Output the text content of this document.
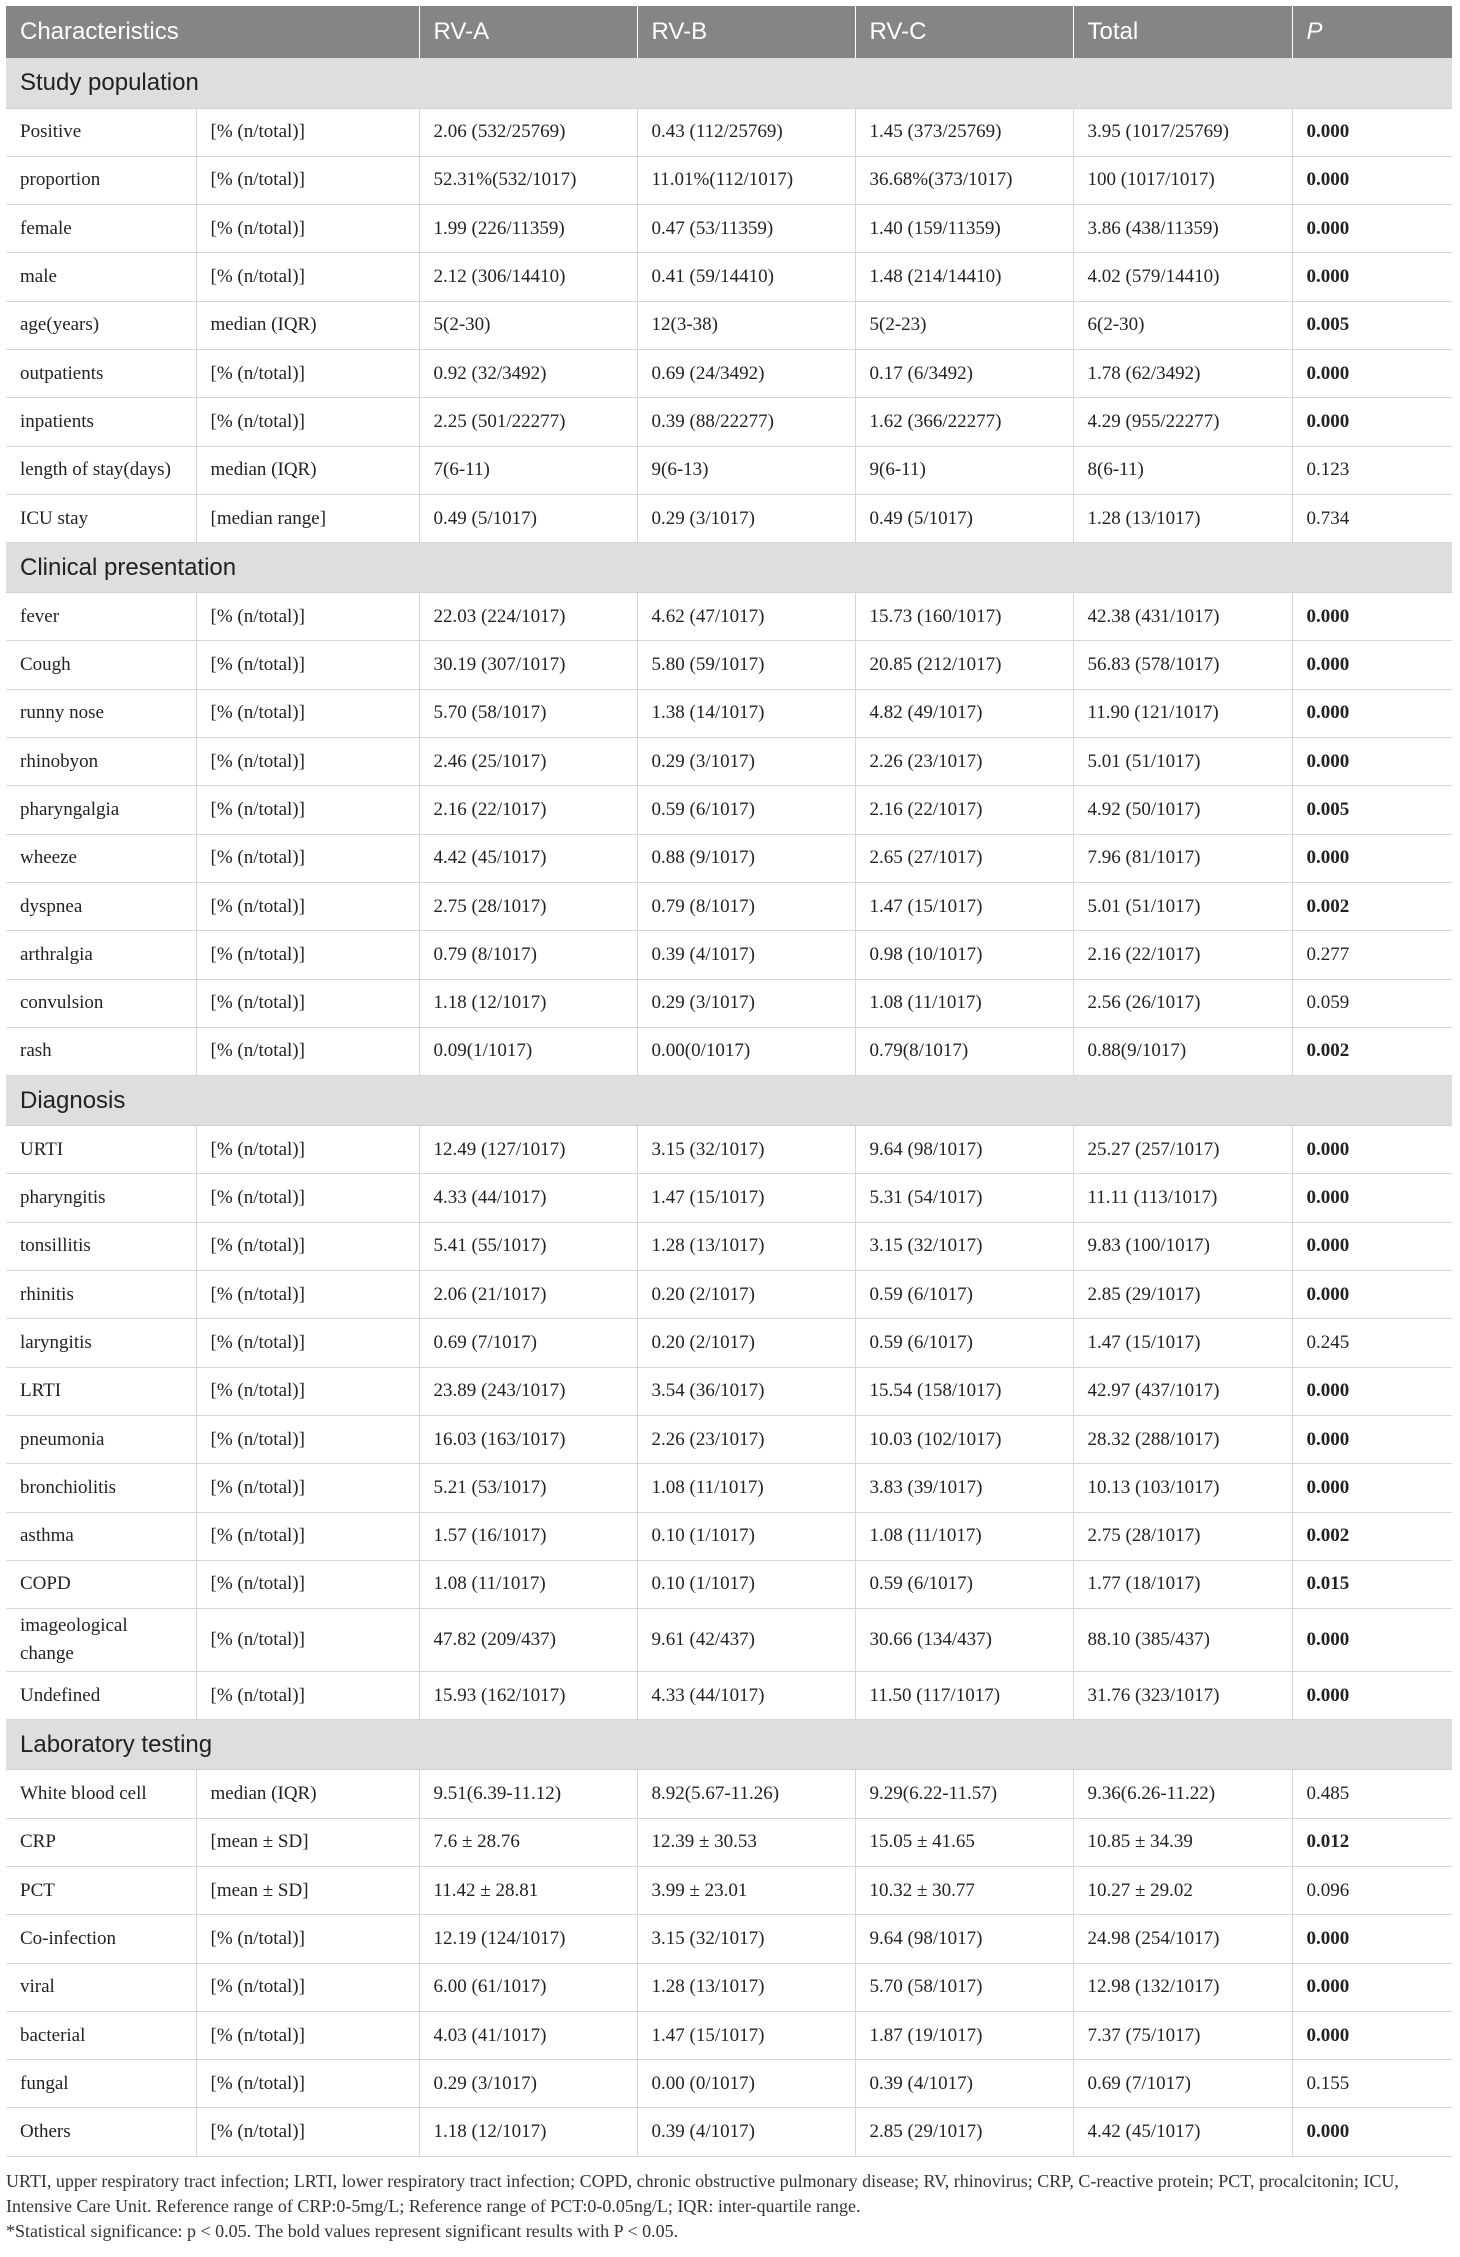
Characteristics		RV-A	RV-B	RV-C	Total	P
Study population						
Positive	[% (n/total)]	2.06 (532/25769)	0.43 (112/25769)	1.45 (373/25769)	3.95 (1017/25769)	0.000
proportion	[% (n/total)]	52.31%(532/1017)	11.01%(112/1017)	36.68%(373/1017)	100 (1017/1017)	0.000
female	[% (n/total)]	1.99 (226/11359)	0.47 (53/11359)	1.40 (159/11359)	3.86 (438/11359)	0.000
male	[% (n/total)]	2.12 (306/14410)	0.41 (59/14410)	1.48 (214/14410)	4.02 (579/14410)	0.000
age(years)	median (IQR)	5(2-30)	12(3-38)	5(2-23)	6(2-30)	0.005
outpatients	[% (n/total)]	0.92 (32/3492)	0.69 (24/3492)	0.17 (6/3492)	1.78 (62/3492)	0.000
inpatients	[% (n/total)]	2.25 (501/22277)	0.39 (88/22277)	1.62 (366/22277)	4.29 (955/22277)	0.000
length of stay(days)	median (IQR)	7(6-11)	9(6-13)	9(6-11)	8(6-11)	0.123
ICU stay	[median range]	0.49 (5/1017)	0.29 (3/1017)	0.49 (5/1017)	1.28 (13/1017)	0.734
Clinical presentation						
fever	[% (n/total)]	22.03 (224/1017)	4.62 (47/1017)	15.73 (160/1017)	42.38 (431/1017)	0.000
Cough	[% (n/total)]	30.19 (307/1017)	5.80 (59/1017)	20.85 (212/1017)	56.83 (578/1017)	0.000
runny nose	[% (n/total)]	5.70 (58/1017)	1.38 (14/1017)	4.82 (49/1017)	11.90 (121/1017)	0.000
rhinobyon	[% (n/total)]	2.46 (25/1017)	0.29 (3/1017)	2.26 (23/1017)	5.01 (51/1017)	0.000
pharyngalgia	[% (n/total)]	2.16 (22/1017)	0.59 (6/1017)	2.16 (22/1017)	4.92 (50/1017)	0.005
wheeze	[% (n/total)]	4.42 (45/1017)	0.88 (9/1017)	2.65 (27/1017)	7.96 (81/1017)	0.000
dyspnea	[% (n/total)]	2.75 (28/1017)	0.79 (8/1017)	1.47 (15/1017)	5.01 (51/1017)	0.002
arthralgia	[% (n/total)]	0.79 (8/1017)	0.39 (4/1017)	0.98 (10/1017)	2.16 (22/1017)	0.277
convulsion	[% (n/total)]	1.18 (12/1017)	0.29 (3/1017)	1.08 (11/1017)	2.56 (26/1017)	0.059
rash	[% (n/total)]	0.09(1/1017)	0.00(0/1017)	0.79(8/1017)	0.88(9/1017)	0.002
Diagnosis						
URTI	[% (n/total)]	12.49 (127/1017)	3.15 (32/1017)	9.64 (98/1017)	25.27 (257/1017)	0.000
pharyngitis	[% (n/total)]	4.33 (44/1017)	1.47 (15/1017)	5.31 (54/1017)	11.11 (113/1017)	0.000
tonsillitis	[% (n/total)]	5.41 (55/1017)	1.28 (13/1017)	3.15 (32/1017)	9.83 (100/1017)	0.000
rhinitis	[% (n/total)]	2.06 (21/1017)	0.20 (2/1017)	0.59 (6/1017)	2.85 (29/1017)	0.000
laryngitis	[% (n/total)]	0.69 (7/1017)	0.20 (2/1017)	0.59 (6/1017)	1.47 (15/1017)	0.245
LRTI	[% (n/total)]	23.89 (243/1017)	3.54 (36/1017)	15.54 (158/1017)	42.97 (437/1017)	0.000
pneumonia	[% (n/total)]	16.03 (163/1017)	2.26 (23/1017)	10.03 (102/1017)	28.32 (288/1017)	0.000
bronchiolitis	[% (n/total)]	5.21 (53/1017)	1.08 (11/1017)	3.83 (39/1017)	10.13 (103/1017)	0.000
asthma	[% (n/total)]	1.57 (16/1017)	0.10 (1/1017)	1.08 (11/1017)	2.75 (28/1017)	0.002
COPD	[% (n/total)]	1.08 (11/1017)	0.10 (1/1017)	0.59 (6/1017)	1.77 (18/1017)	0.015
imageological change	[% (n/total)]	47.82 (209/437)	9.61 (42/437)	30.66 (134/437)	88.10 (385/437)	0.000
Undefined	[% (n/total)]	15.93 (162/1017)	4.33 (44/1017)	11.50 (117/1017)	31.76 (323/1017)	0.000
Laboratory testing						
White blood cell	median (IQR)	9.51(6.39-11.12)	8.92(5.67-11.26)	9.29(6.22-11.57)	9.36(6.26-11.22)	0.485
CRP	[mean ± SD]	7.6 ± 28.76	12.39 ± 30.53	15.05 ± 41.65	10.85 ± 34.39	0.012
PCT	[mean ± SD]	11.42 ± 28.81	3.99 ± 23.01	10.32 ± 30.77	10.27 ± 29.02	0.096
Co-infection	[% (n/total)]	12.19 (124/1017)	3.15 (32/1017)	9.64 (98/1017)	24.98 (254/1017)	0.000
viral	[% (n/total)]	6.00 (61/1017)	1.28 (13/1017)	5.70 (58/1017)	12.98 (132/1017)	0.000
bacterial	[% (n/total)]	4.03 (41/1017)	1.47 (15/1017)	1.87 (19/1017)	7.37 (75/1017)	0.000
fungal	[% (n/total)]	0.29 (3/1017)	0.00 (0/1017)	0.39 (4/1017)	0.69 (7/1017)	0.155
Others	[% (n/total)]	1.18 (12/1017)	0.39 (4/1017)	2.85 (29/1017)	4.42 (45/1017)	0.000

URTI, upper respiratory tract infection; LRTI, lower respiratory tract infection; COPD, chronic obstructive pulmonary disease; RV, rhinovirus; CRP, C-reactive protein; PCT, procalcitonin; ICU, Intensive Care Unit. Reference range of CRP:0-5mg/L; Reference range of PCT:0-0.05ng/L; IQR: inter-quartile range.

*Statistical significance: p < 0.05. The bold values represent significant results with P < 0.05.
